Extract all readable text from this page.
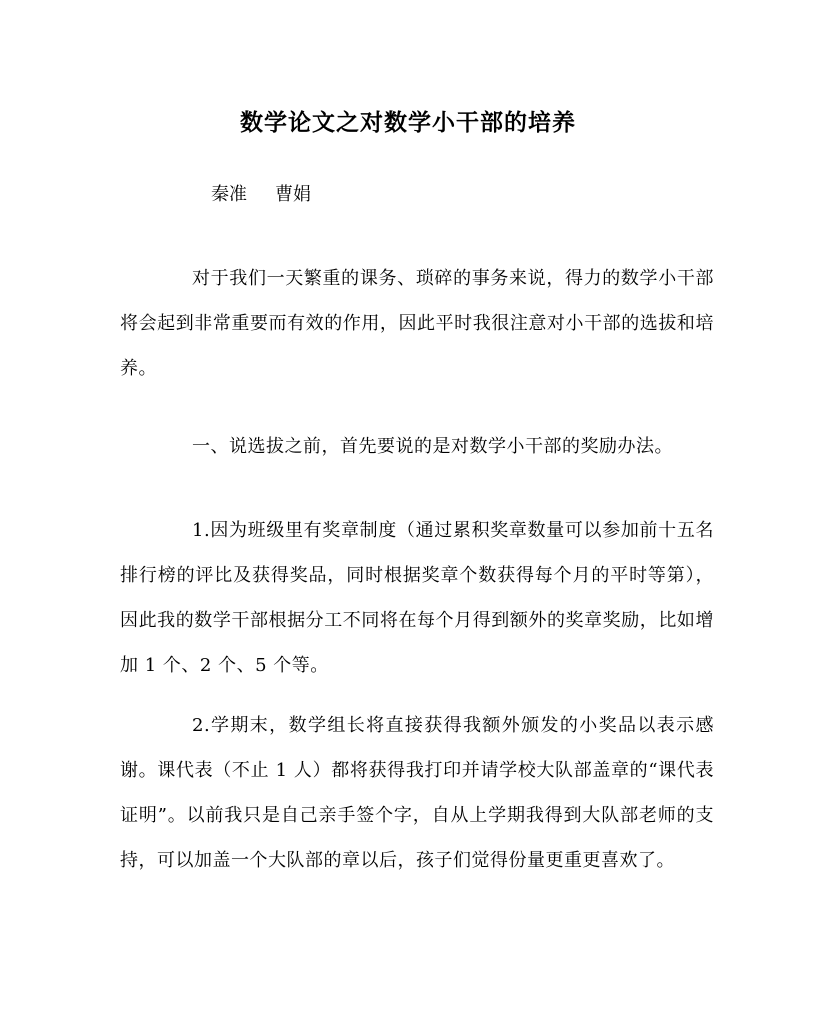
数学论文之对数学小干部的培养
秦准 曹娟

对于我们一天繁重的课务、琐碎的事务来说，得力的数学小干部将会起到非常重要而有效的作用，因此平时我很注意对小干部的选拔和培养。

一、说选拔之前，首先要说的是对数学小干部的奖励办法。

1.因为班级里有奖章制度（通过累积奖章数量可以参加前十五名排行榜的评比及获得奖品，同时根据奖章个数获得每个月的平时等第），因此我的数学干部根据分工不同将在每个月得到额外的奖章奖励，比如增加 1 个、2 个、5 个等。

2.学期末，数学组长将直接获得我额外颁发的小奖品以表示感谢。课代表（不止 1 人）都将获得我打印并请学校大队部盖章的“课代表证明”。以前我只是自己亲手签个字，自从上学期我得到大队部老师的支持，可以加盖一个大队部的章以后，孩子们觉得份量更重更喜欢了。
